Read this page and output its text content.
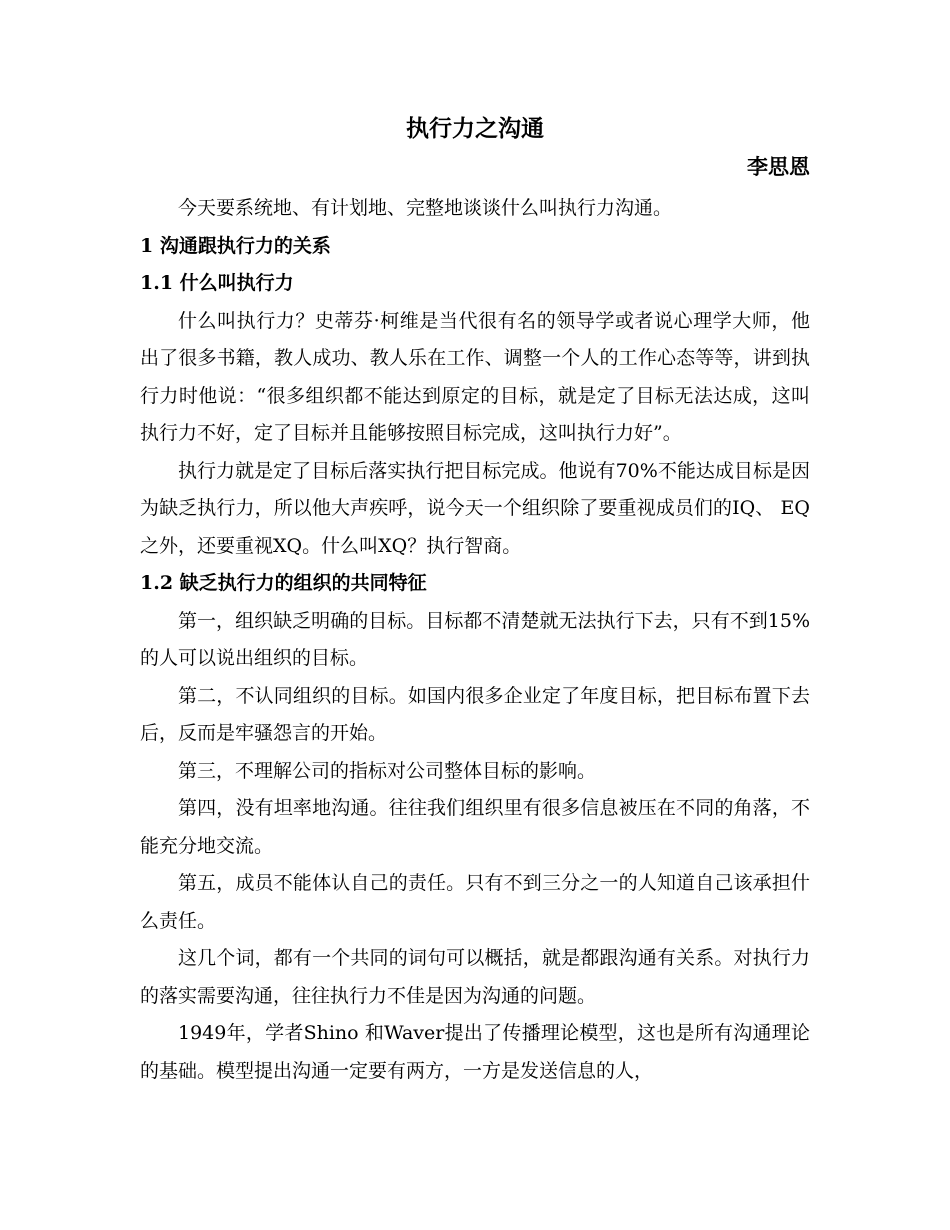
执行力之沟通
李思恩

今天要系统地、有计划地、完整地谈谈什么叫执行力沟通。

1 沟通跟执行力的关系
1.1 什么叫执行力

什么叫执行力？史蒂芬·柯维是当代很有名的领导学或者说心理学大师，他出了很多书籍，教人成功、教人乐在工作、调整一个人的工作心态等等，讲到执行力时他说：“很多组织都不能达到原定的目标，就是定了目标无法达成，这叫执行力不好，定了目标并且能够按照目标完成，这叫执行力好”。

执行力就是定了目标后落实执行把目标完成。他说有70%不能达成目标是因为缺乏执行力，所以他大声疾呼，说今天一个组织除了要重视成员们的IQ、 EQ之外，还要重视XQ。什么叫XQ？执行智商。

1.2 缺乏执行力的组织的共同特征

第一，组织缺乏明确的目标。目标都不清楚就无法执行下去，只有不到15%的人可以说出组织的目标。

第二，不认同组织的目标。如国内很多企业定了年度目标，把目标布置下去后，反而是牢骚怨言的开始。

第三，不理解公司的指标对公司整体目标的影响。

第四，没有坦率地沟通。往往我们组织里有很多信息被压在不同的角落，不能充分地交流。

第五，成员不能体认自己的责任。只有不到三分之一的人知道自己该承担什么责任。

这几个词，都有一个共同的词句可以概括，就是都跟沟通有关系。对执行力的落实需要沟通，往往执行力不佳是因为沟通的问题。

1949年，学者Shino 和Waver提出了传播理论模型，这也是所有沟通理论的基础。模型提出沟通一定要有两方，一方是发送信息的人，
